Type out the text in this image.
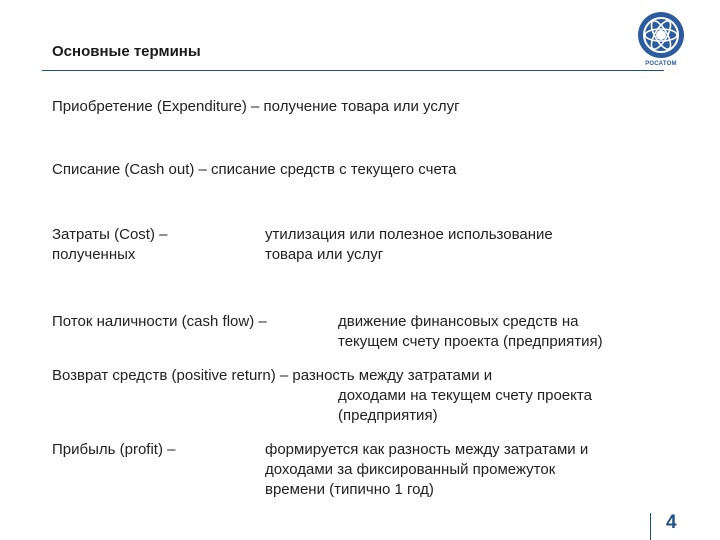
Основные термины
РОСАТОМ
Приобретение (Expenditure) – получение товара или услуг
Списание (Cash out) – списание средств с текущего счета
Затраты (Cost) –
полученных
утилизация или полезное использование
товара или услуг
Поток наличности (cash flow) –	движение финансовых средств на
текущем счету проекта (предприятия)
Возврат средств (positive return) – разность между затратами и
доходами на текущем счету проекта
(предприятия)
Прибыль (profit) –	формируется как разность между затратами и
доходами за фиксированный промежуток
времени (типично 1 год)
4
